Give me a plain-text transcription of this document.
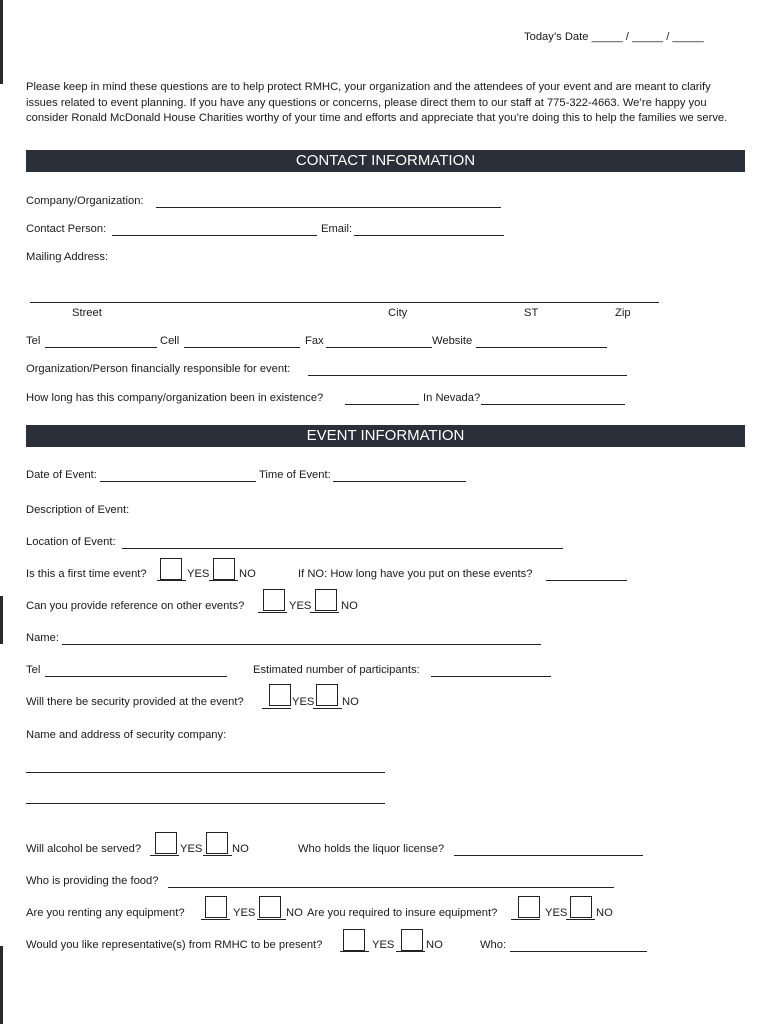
Today’s Date _____ / _____ / _____
Please keep in mind these questions are to help protect RMHC, your organization and the attendees of your event and are meant to clarify issues related to event planning. If you have any questions or concerns, please direct them to our staff at 775-322-4663. We’re happy you consider Ronald McDonald House Charities worthy of your time and efforts and appreciate that you’re doing this to help the families we serve.
CONTACT INFORMATION
Company/Organization:
Contact Person:	Email:
Mailing Address:
Street	City	ST	Zip
Tel	Cell	Fax	Website
Organization/Person financially responsible for event:
How long has this company/organization been in existence?	In Nevada?
EVENT INFORMATION
Date of Event:	Time of Event:
Description of Event:
Location of Event:
Is this a first time event?	YES	NO	If NO: How long have you put on these events?
Can you provide reference on other events?	YES	NO
Name:
Tel	Estimated number of participants:
Will there be security provided at the event?	YES NO
Name and address of security company:
Will alcohol be served?	YES	NO	Who holds the liquor license?
Who is providing the food?
Are you renting any equipment?	YES	NO Are you required to insure equipment?	YES	NO
Would you like representative(s) from RMHC to be present?	YES	NO	Who:
